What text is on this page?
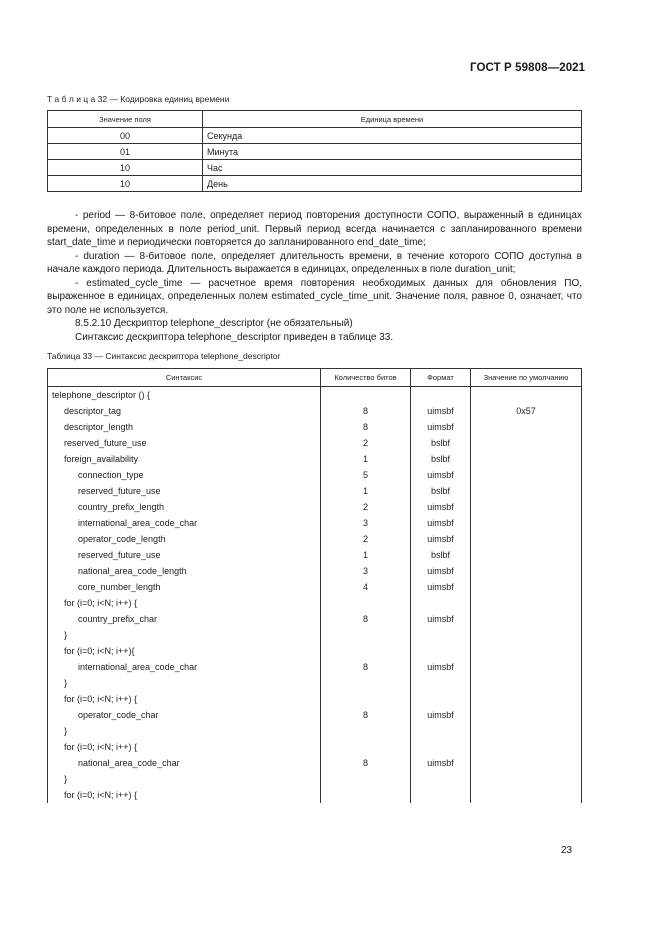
ГОСТ Р 59808—2021
Т а б л и ц а 32 — Кодировка единиц времени
Значение поля	Единица времени
00	Секунда
01	Минута
10	Час
10	День

- period — 8-битовое поле, определяет период повторения доступности СОПО, выраженный в единицах времени, определенных в поле period_unit. Первый период всегда начинается с запланированного времени start_date_time и периодически повторяется до запланированного end_date_time;

- duration — 8-битовое поле, определяет длительность времени, в течение которого СОПО доступна в начале каждого периода. Длительность выражается в единицах, определенных в поле duration_unit;

- estimated_cycle_time — расчетное время повторения необходимых данных для обновления ПО, выраженное в единицах, определенных полем estimated_cycle_time_unit. Значение поля, равное 0, означает, что это поле не используется.

8.5.2.10 Дескриптор telephone_descriptor (не обязательный)

Синтаксис дескриптора telephone_descriptor приведен в таблице 33.

Таблица 33 — Синтаксис дескриптора telephone_descriptor
Синтаксис	Количество битов	Формат	Значение по умолчанию
telephone_descriptor () {			
descriptor_tag	8	uimsbf	0x57
descriptor_length	8	uimsbf	
reserved_future_use	2	bslbf	
foreign_availability	1	bslbf	
connection_type	5	uimsbf	
reserved_future_use	1	bslbf	
country_prefix_length	2	uimsbf	
international_area_code_char	3	uimsbf	
operator_code_length	2	uimsbf	
reserved_future_use	1	bslbf	
national_area_code_length	3	uimsbf	
core_number_length	4	uimsbf	
for (i=0; i<N; i++) {			
country_prefix_char	8	uimsbf	
}			
for (i=0; i<N; i++){			
international_area_code_char	8	uimsbf	
}			
for (i=0; i<N; i++) {			
operator_code_char	8	uimsbf	
}			
for (i=0; i<N; i++) {			
national_area_code_char	8	uimsbf	
}			
for (i=0; i<N; i++) {			
23
